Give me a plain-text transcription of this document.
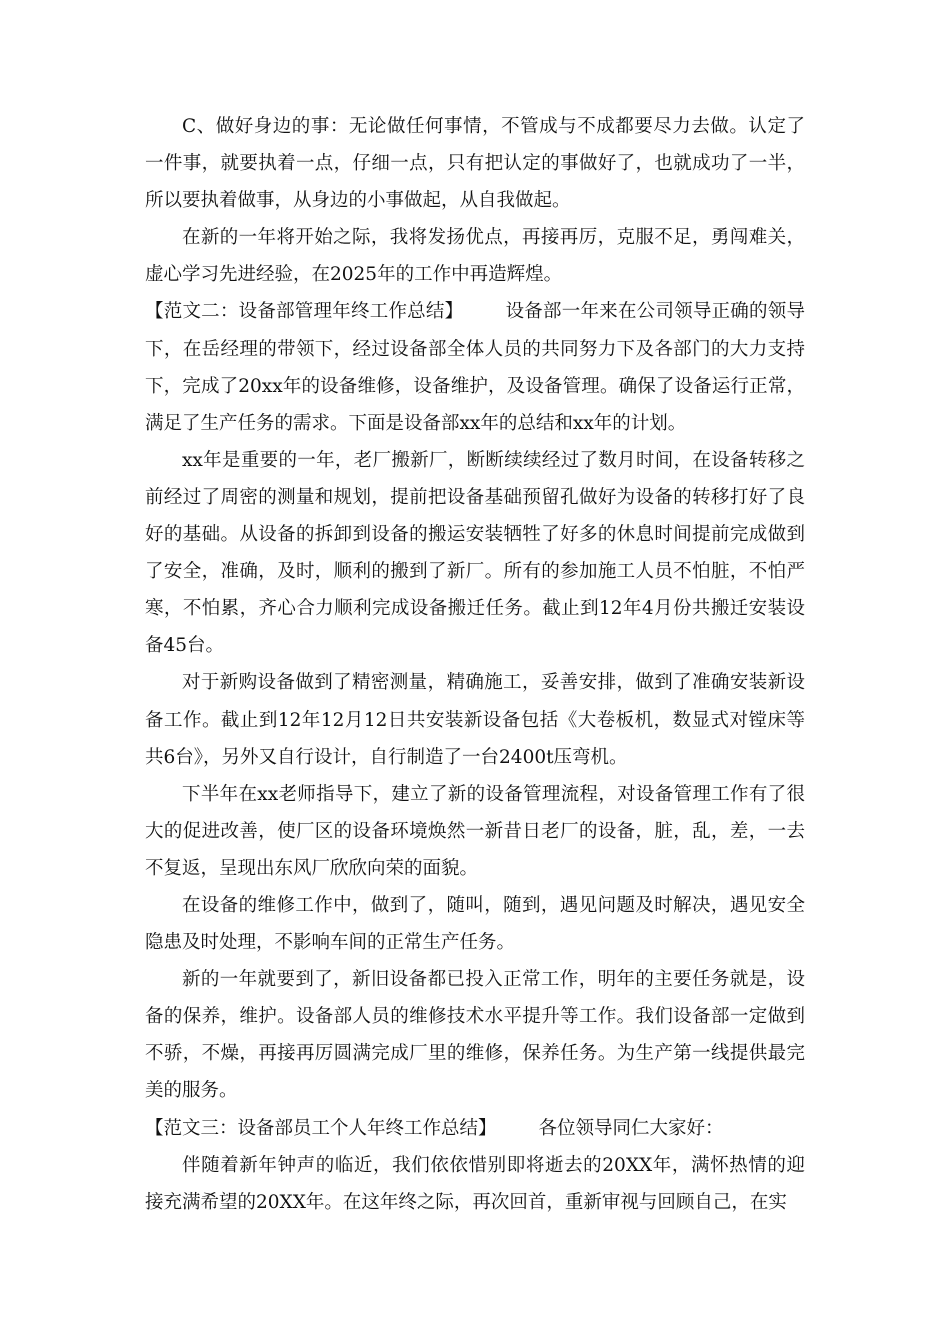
C、做好身边的事：无论做任何事情，不管成与不成都要尽力去做。认定了一件事，就要执着一点，仔细一点，只有把认定的事做好了，也就成功了一半，所以要执着做事，从身边的小事做起，从自我做起。

在新的一年将开始之际，我将发扬优点，再接再厉，克服不足，勇闯难关，虚心学习先进经验，在2025年的工作中再造辉煌。

【范文二：设备部管理年终工作总结】 设备部一年来在公司领导正确的领导下，在岳经理的带领下，经过设备部全体人员的共同努力下及各部门的大力支持下，完成了20xx年的设备维修，设备维护，及设备管理。确保了设备运行正常，满足了生产任务的需求。下面是设备部xx年的总结和xx年的计划。

xx年是重要的一年，老厂搬新厂，断断续续经过了数月时间，在设备转移之前经过了周密的测量和规划，提前把设备基础预留孔做好为设备的转移打好了良好的基础。从设备的拆卸到设备的搬运安装牺牲了好多的休息时间提前完成做到了安全，准确，及时，顺利的搬到了新厂。所有的参加施工人员不怕脏，不怕严寒，不怕累，齐心合力顺利完成设备搬迁任务。截止到12年4月份共搬迁安装设备45台。

对于新购设备做到了精密测量，精确施工，妥善安排，做到了准确安装新设备工作。截止到12年12月12日共安装新设备包括《大卷板机，数显式对镗床等共6台》，另外又自行设计，自行制造了一台2400t压弯机。

下半年在xx老师指导下，建立了新的设备管理流程，对设备管理工作有了很大的促进改善，使厂区的设备环境焕然一新昔日老厂的设备，脏，乱，差，一去不复返，呈现出东风厂欣欣向荣的面貌。

在设备的维修工作中，做到了，随叫，随到，遇见问题及时解决，遇见安全隐患及时处理，不影响车间的正常生产任务。

新的一年就要到了，新旧设备都已投入正常工作，明年的主要任务就是，设备的保养，维护。设备部人员的维修技术水平提升等工作。我们设备部一定做到不骄，不燥，再接再厉圆满完成厂里的维修，保养任务。为生产第一线提供最完美的服务。

【范文三：设备部员工个人年终工作总结】 各位领导同仁大家好：

伴随着新年钟声的临近，我们依依惜别即将逝去的20XX年，满怀热情的迎接充满希望的20XX年。在这年终之际，再次回首，重新审视与回顾自己，在实
